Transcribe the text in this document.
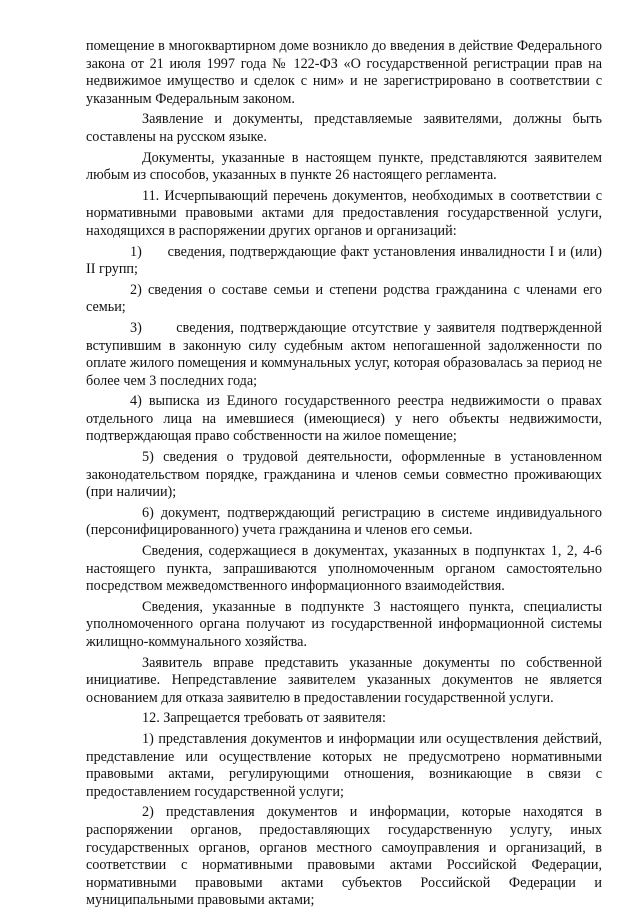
помещение в многоквартирном доме возникло до введения в действие Федерального закона от 21 июля 1997 года № 122-ФЗ «О государственной регистрации прав на недвижимое имущество и сделок с ним» и не зарегистрировано в соответствии с указанным Федеральным законом.

Заявление и документы, представляемые заявителями, должны быть составлены на русском языке.

Документы, указанные в настоящем пункте, представляются заявителем любым из способов, указанных в пункте 26 настоящего регламента.

11. Исчерпывающий перечень документов, необходимых в соответствии с нормативными правовыми актами для предоставления государственной услуги, находящихся в распоряжении других органов и организаций:

1)      сведения, подтверждающие факт установления инвалидности I и (или) II групп;

2) сведения о составе семьи и степени родства гражданина с членами его семьи;

3)      сведения, подтверждающие отсутствие у заявителя подтвержденной вступившим в законную силу судебным актом непогашенной задолженности по оплате жилого помещения и коммунальных услуг, которая образовалась за период не более чем 3 последних года;

4) выписка из Единого государственного реестра недвижимости о правах отдельного лица на имевшиеся (имеющиеся) у него объекты недвижимости, подтверждающая право собственности на жилое помещение;

5) сведения о трудовой деятельности, оформленные в установленном законодательством порядке, гражданина и членов семьи совместно проживающих (при наличии);

6) документ, подтверждающий регистрацию в системе индивидуального (персонифицированного) учета гражданина и членов его семьи.

Сведения, содержащиеся в документах, указанных в подпунктах 1, 2, 4-6 настоящего пункта, запрашиваются уполномоченным органом самостоятельно посредством межведомственного информационного взаимодействия.

Сведения, указанные в подпункте 3 настоящего пункта, специалисты уполномоченного органа получают из государственной информационной системы жилищно-коммунального хозяйства.

Заявитель вправе представить указанные документы по собственной инициативе. Непредставление заявителем указанных документов не является основанием для отказа заявителю в предоставлении государственной услуги.

12. Запрещается требовать от заявителя:

1) представления документов и информации или осуществления действий, представление или осуществление которых не предусмотрено нормативными правовыми актами, регулирующими отношения, возникающие в связи с предоставлением государственной услуги;

2) представления документов и информации, которые находятся в распоряжении органов, предоставляющих государственную услугу, иных государственных органов, органов местного самоуправления и организаций, в соответствии с нормативными правовыми актами Российской Федерации, нормативными правовыми актами субъектов Российской Федерации и муниципальными правовыми актами;
